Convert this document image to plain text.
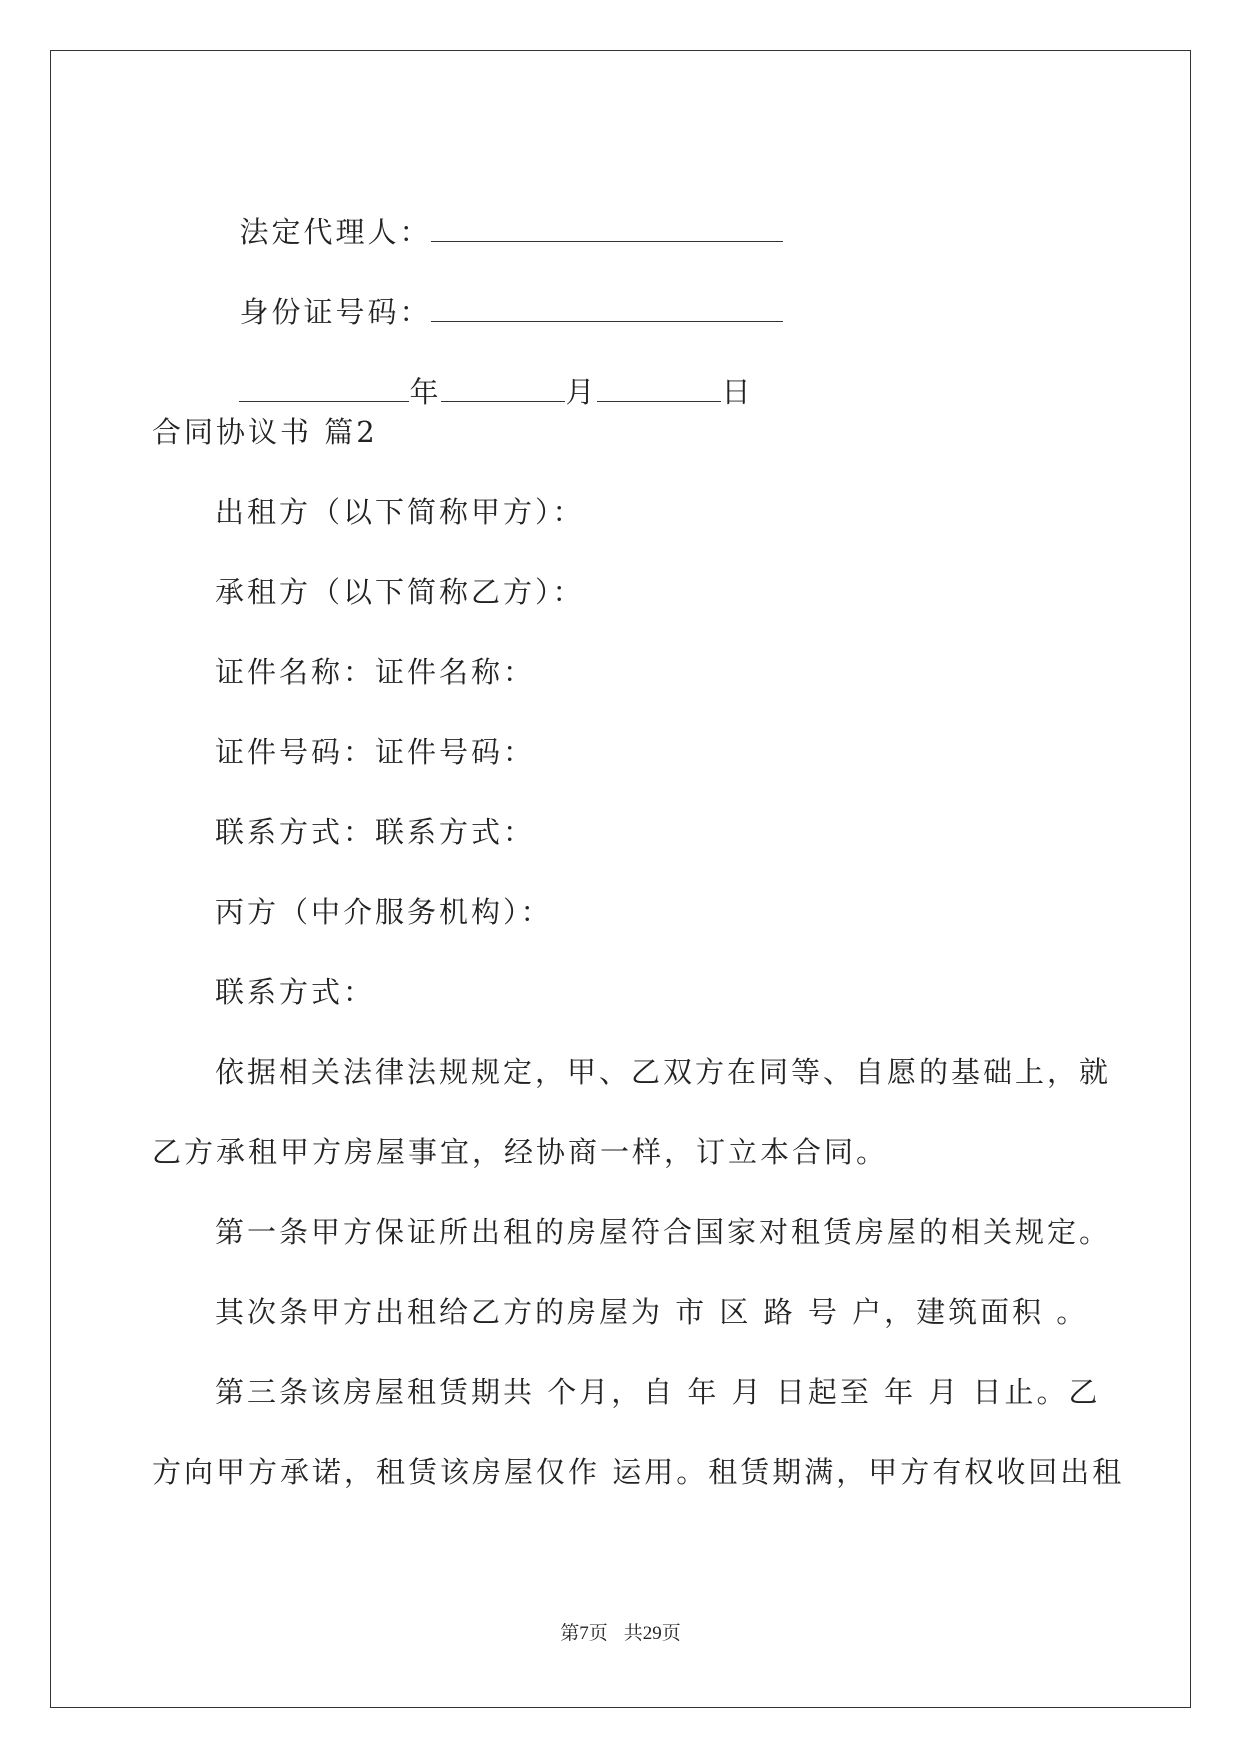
法定代理人：

身份证号码：

年	月	日

合同协议书 篇2
出租方（以下简称甲方）：
承租方（以下简称乙方）：
证件名称：证件名称：
证件号码：证件号码：
联系方式：联系方式：
丙方（中介服务机构）：
联系方式：
依据相关法律法规规定，甲、乙双方在同等、自愿的基础上，就
乙方承租甲方房屋事宜，经协商一样，订立本合同。
第一条甲方保证所出租的房屋符合国家对租赁房屋的相关规定。
其次条甲方出租给乙方的房屋为 市 区 路 号 户，建筑面积 。
第三条该房屋租赁期共 个月，自 年 月 日起至 年 月 日止。乙
方向甲方承诺，租赁该房屋仅作 运用。租赁期满，甲方有权收回出租
第7页 共29页
